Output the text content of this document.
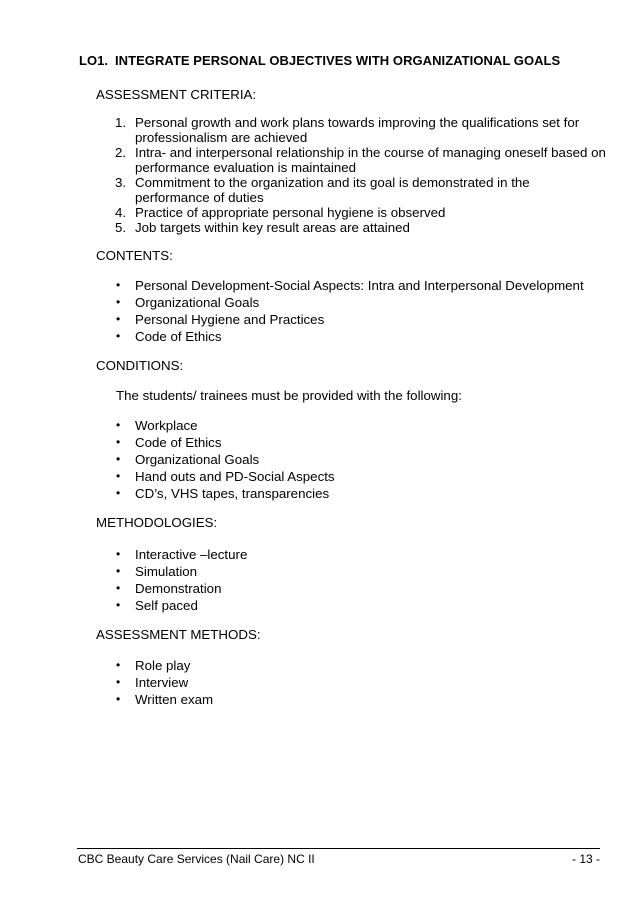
LO1. INTEGRATE PERSONAL OBJECTIVES WITH ORGANIZATIONAL GOALS
ASSESSMENT CRITERIA:
1. Personal growth and work plans towards improving the qualifications set for professionalism are achieved
2. Intra- and interpersonal relationship in the course of managing oneself based on performance evaluation is maintained
3. Commitment to the organization and its goal is demonstrated in the performance of duties
4. Practice of appropriate personal hygiene is observed
5. Job targets within key result areas are attained
CONTENTS:
• Personal Development-Social Aspects: Intra and Interpersonal Development
• Organizational Goals
• Personal Hygiene and Practices
• Code of Ethics
CONDITIONS:
The students/ trainees must be provided with the following:
• Workplace
• Code of Ethics
• Organizational Goals
• Hand outs and PD-Social Aspects
• CD’s, VHS tapes, transparencies
METHODOLOGIES:
• Interactive –lecture
• Simulation
• Demonstration
• Self paced
ASSESSMENT METHODS:
• Role play
• Interview
• Written exam
CBC Beauty Care Services (Nail Care) NC II	- 13 -
